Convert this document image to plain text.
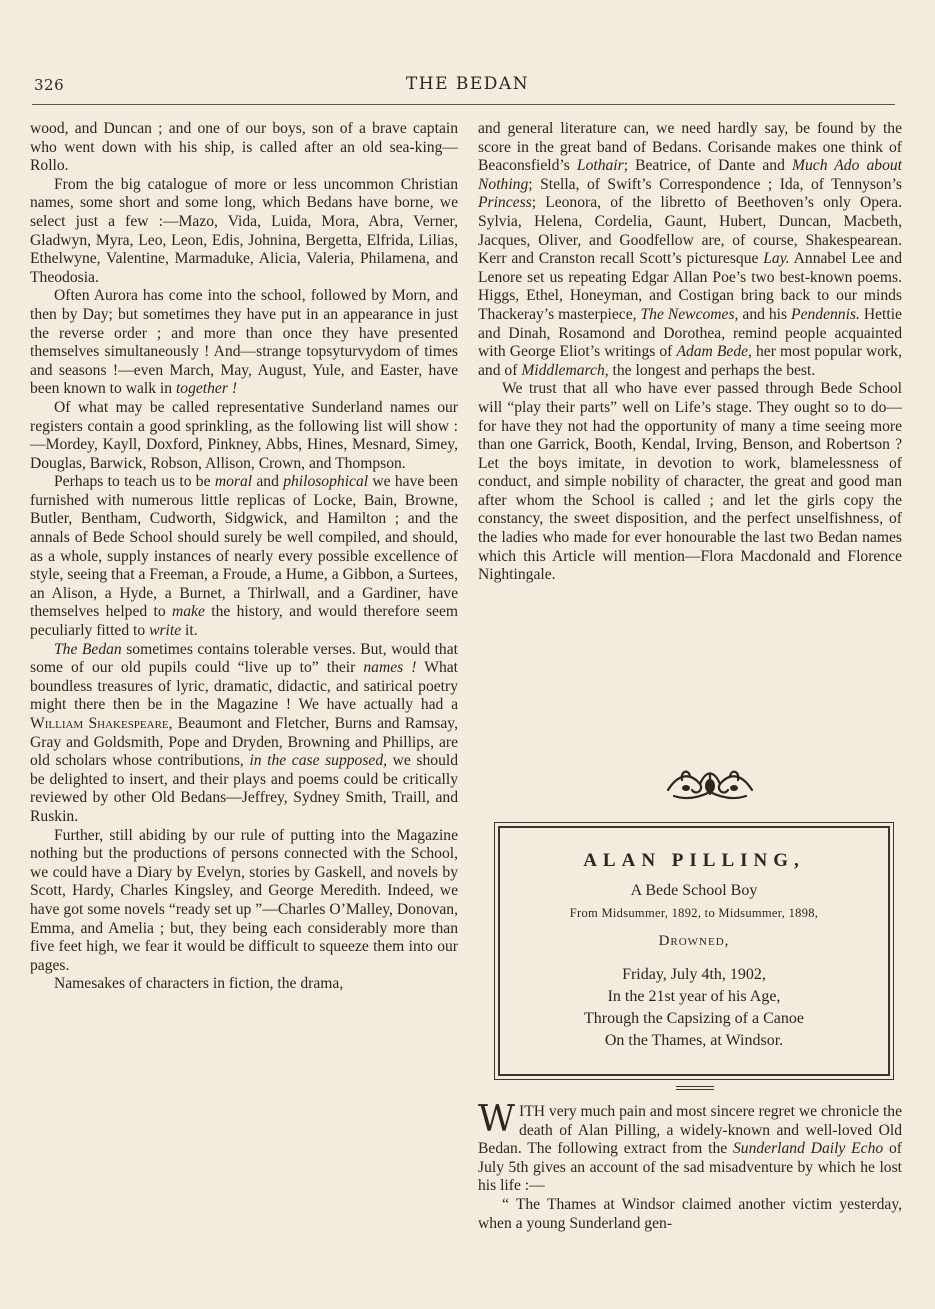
326	THE BEDAN

wood, and Duncan ; and one of our boys, son of a brave captain who went down with his ship, is called after an old sea-king—Rollo.

From the big catalogue of more or less uncommon Christian names, some short and some long, which Bedans have borne, we select just a few :—Mazo, Vida, Luida, Mora, Abra, Verner, Gladwyn, Myra, Leo, Leon, Edis, Johnina, Bergetta, Elfrida, Lilias, Ethelwyne, Valentine, Marmaduke, Alicia, Valeria, Philamena, and Theodosia.

Often Aurora has come into the school, followed by Morn, and then by Day; but sometimes they have put in an appearance in just the reverse order ; and more than once they have presented themselves simultaneously ! And—strange topsyturvydom of times and seasons !—even March, May, August, Yule, and Easter, have been known to walk in together !

Of what may be called representative Sunderland names our registers contain a good sprinkling, as the following list will show :—Mordey, Kayll, Doxford, Pinkney, Abbs, Hines, Mesnard, Simey, Douglas, Barwick, Robson, Allison, Crown, and Thompson.

Perhaps to teach us to be moral and philosophical we have been furnished with numerous little replicas of Locke, Bain, Browne, Butler, Bentham, Cudworth, Sidgwick, and Hamilton ; and the annals of Bede School should surely be well compiled, and should, as a whole, supply instances of nearly every possible excellence of style, seeing that a Freeman, a Froude, a Hume, a Gibbon, a Surtees, an Alison, a Hyde, a Burnet, a Thirlwall, and a Gardiner, have themselves helped to make the history, and would therefore seem peculiarly fitted to write it.

The Bedan sometimes contains tolerable verses. But, would that some of our old pupils could “live up to” their names ! What boundless treasures of lyric, dramatic, didactic, and satirical poetry might there then be in the Magazine ! We have actually had a William Shakespeare, Beaumont and Fletcher, Burns and Ramsay, Gray and Goldsmith, Pope and Dryden, Browning and Phillips, are old scholars whose contributions, in the case supposed, we should be delighted to insert, and their plays and poems could be critically reviewed by other Old Bedans—Jeffrey, Sydney Smith, Traill, and Ruskin.

Further, still abiding by our rule of putting into the Magazine nothing but the productions of persons connected with the School, we could have a Diary by Evelyn, stories by Gaskell, and novels by Scott, Hardy, Charles Kingsley, and George Meredith. Indeed, we have got some novels “ready set up ”—Charles O’Malley, Donovan, Emma, and Amelia ; but, they being each considerably more than five feet high, we fear it would be difficult to squeeze them into our pages.

Namesakes of characters in fiction, the drama,

and general literature can, we need hardly say, be found by the score in the great band of Bedans. Corisande makes one think of Beaconsfield’s Lothair; Beatrice, of Dante and Much Ado about Nothing; Stella, of Swift’s Correspondence ; Ida, of Tennyson’s Princess; Leonora, of the libretto of Beethoven’s only Opera. Sylvia, Helena, Cordelia, Gaunt, Hubert, Duncan, Macbeth, Jacques, Oliver, and Goodfellow are, of course, Shakespearean. Kerr and Cranston recall Scott’s picturesque Lay. Annabel Lee and Lenore set us repeating Edgar Allan Poe’s two best-known poems. Higgs, Ethel, Honeyman, and Costigan bring back to our minds Thackeray’s masterpiece, The Newcomes, and his Pendennis. Hettie and Dinah, Rosamond and Dorothea, remind people acquainted with George Eliot’s writings of Adam Bede, her most popular work, and of Middlemarch, the longest and perhaps the best.

We trust that all who have ever passed through Bede School will “play their parts” well on Life’s stage. They ought so to do—for have they not had the opportunity of many a time seeing more than one Garrick, Booth, Kendal, Irving, Benson, and Robertson ? Let the boys imitate, in devotion to work, blamelessness of conduct, and simple nobility of character, the great and good man after whom the School is called ; and let the girls copy the constancy, the sweet disposition, and the perfect unselfishness, of the ladies who made for ever honourable the last two Bedan names which this Article will mention—Flora Macdonald and Florence Nightingale.

ALAN PILLING,
A Bede School Boy
From Midsummer, 1892, to Midsummer, 1898,
Drowned,
Friday, July 4th, 1902,
In the 21st year of his Age,
Through the Capsizing of a Canoe
On the Thames, at Windsor.

WITH very much pain and most sincere regret we chronicle the death of Alan Pilling, a widely-known and well-loved Old Bedan. The following extract from the Sunderland Daily Echo of July 5th gives an account of the sad misadventure by which he lost his life :—

“ The Thames at Windsor claimed another victim yesterday, when a young Sunderland gen-
